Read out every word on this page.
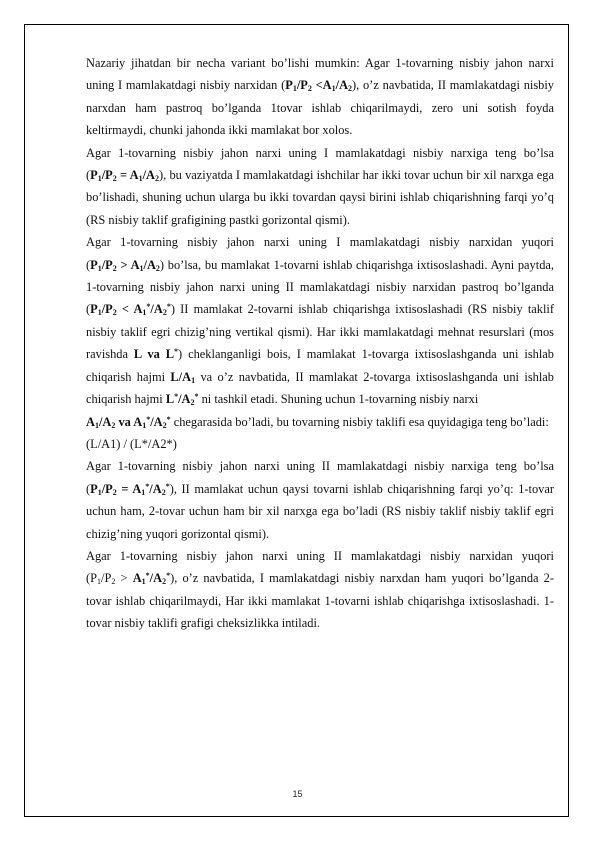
Nazariy jihatdan bir necha variant bo’lishi mumkin: Agar 1-tovarning nisbiy jahon narxi uning I mamlakatdagi nisbiy narxidan $(P_1/P_2 <A_1/A_2)$, o’z navbatida, II mamlakatdagi nisbiy narxdan ham pastroq bo’lganda 1tovar ishlab chiqarilmaydi, zero uni sotish foyda keltirmaydi, chunki jahonda ikki mamlakat bor xolos.

Agar 1-tovarning nisbiy jahon narxi uning I mamlakatdagi nisbiy narxiga teng bo’lsa $(P_1/P_2 = A_1/A_2)$, bu vaziyatda I mamlakatdagi ishchilar har ikki tovar uchun bir xil narxga ega bo’lishadi, shuning uchun ularga bu ikki tovardan qaysi birini ishlab chiqarishning farqi yo’q (RS nisbiy taklif grafigining pastki gorizontal qismi).

Agar 1-tovarning nisbiy jahon narxi uning I mamlakatdagi nisbiy narxidan yuqori $(P_1/P_2 > A_1/A_2)$ bo’lsa, bu mamlakat 1-tovarni ishlab chiqarishga ixtisoslashadi. Ayni paytda, 1-tovarning nisbiy jahon narxi uning II mamlakatdagi nisbiy narxidan pastroq bo’lganda $(P_1/P_2 < A_1^*/A_2^*)$ II mamlakat 2-tovarni ishlab chiqarishga ixtisoslashadi (RS nisbiy taklif nisbiy taklif egri chizig’ning vertikal qismi). Har ikki mamlakatdagi mehnat resurslari (mos ravishda L va L*) cheklanganligi bois, I mamlakat 1-tovarga ixtisoslashganda uni ishlab chiqarish hajmi $L/A_1$ va o’z navbatida, II mamlakat 2-tovarga ixtisoslashganda uni ishlab chiqarish hajmi $L^*/A_2^*$ ni tashkil etadi. Shuning uchun 1-tovarning nisbiy narxi

$A_1/A_2$ va $A_1^*/A_2^*$ chegarasida bo’ladi, bu tovarning nisbiy taklifi esa quyidagiga teng bo’ladi:

(L/A1) / (L*/A2*)

Agar 1-tovarning nisbiy jahon narxi uning II mamlakatdagi nisbiy narxiga teng bo’lsa $(P_1/P_2 = A_1^*/A_2^*)$, II mamlakat uchun qaysi tovarni ishlab chiqarishning farqi yo’q: 1-tovar uchun ham, 2-tovar uchun ham bir xil narxga ega bo’ladi (RS nisbiy taklif nisbiy taklif egri chizig’ning yuqori gorizontal qismi).

Agar 1-tovarning nisbiy jahon narxi uning II mamlakatdagi nisbiy narxidan yuqori $(P_1/P_2 > A_1^*/A_2^*)$, o’z navbatida, I mamlakatdagi nisbiy narxdan ham yuqori bo’lganda 2-tovar ishlab chiqarilmaydi, Har ikki mamlakat 1-tovarni ishlab chiqarishga ixtisoslashadi. 1-tovar nisbiy taklifi grafigi cheksizlikka intiladi.

15
